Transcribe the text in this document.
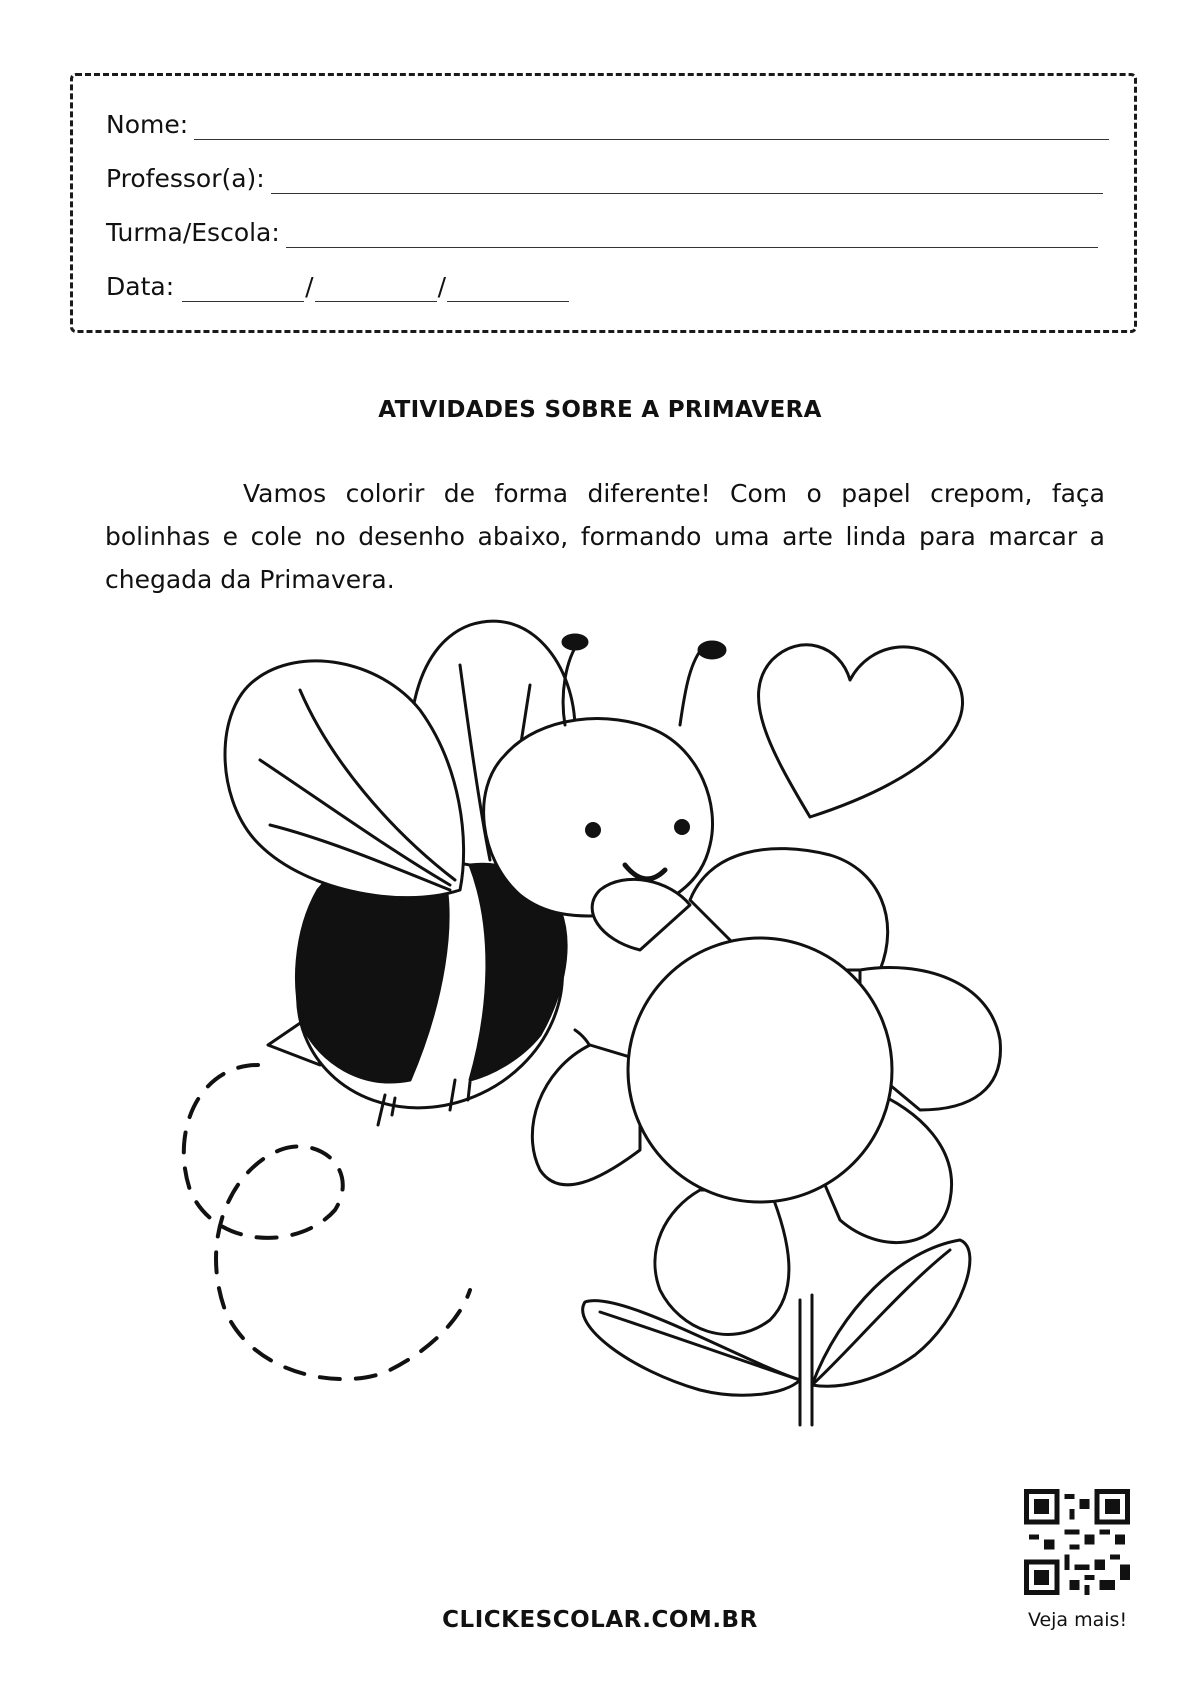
Nome:
Professor(a):
Turma/Escola:
Data:	/	/
ATIVIDADES SOBRE A PRIMAVERA

Vamos colorir de forma diferente! Com o papel crepom, faça bolinhas e cole no desenho abaixo, formando uma arte linda para marcar a chegada da Primavera.

Veja mais!
CLICKESCOLAR.COM.BR
